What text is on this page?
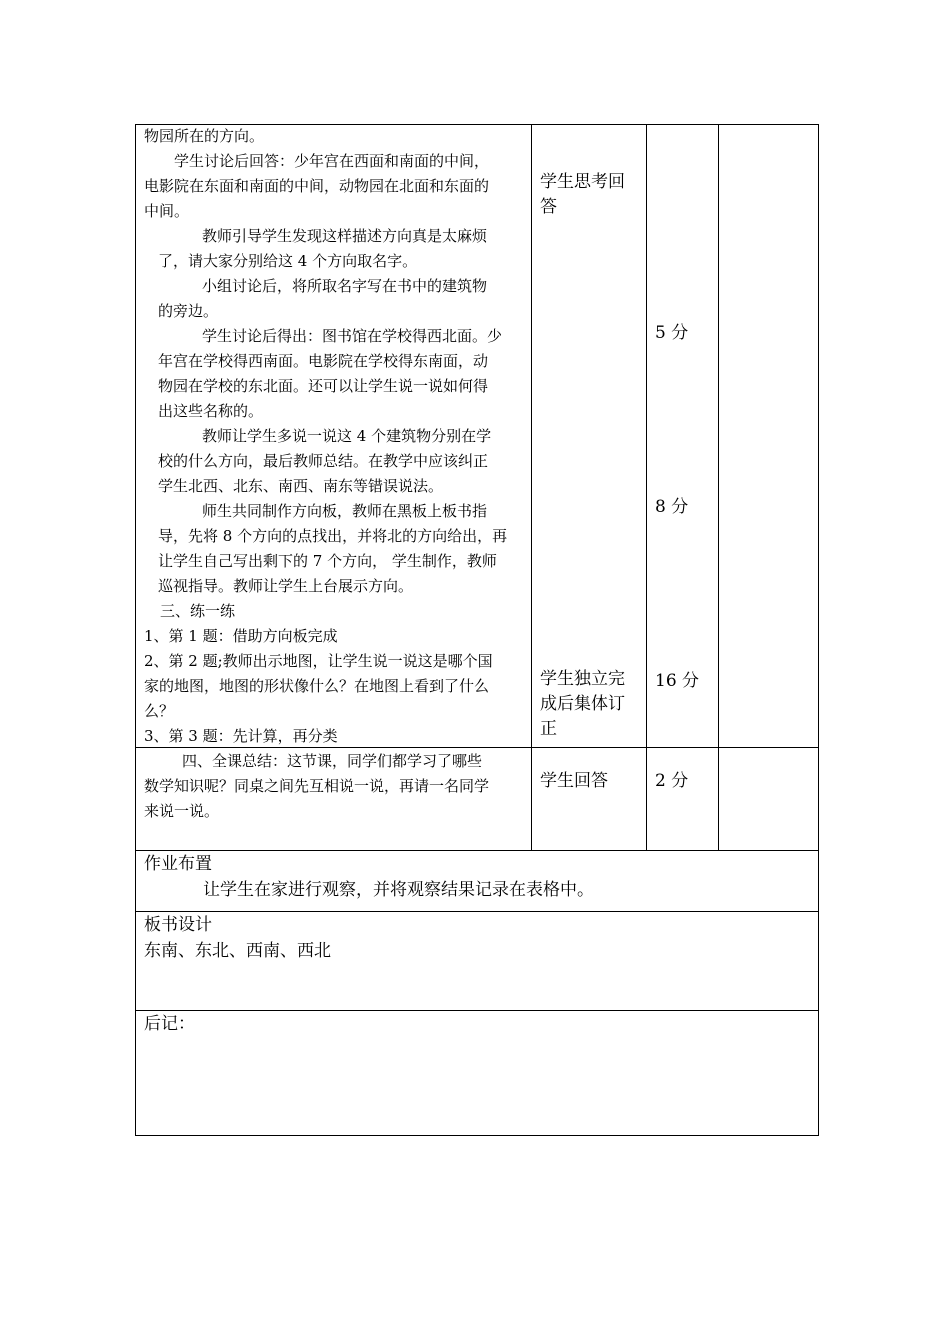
物园所在的方向。

学生讨论后回答：少年宫在西面和南面的中间，

电影院在东面和南面的中间，动物园在北面和东面的

中间。

教师引导学生发现这样描述方向真是太麻烦

了，请大家分别给这 4 个方向取名字。

小组讨论后，将所取名字写在书中的建筑物

的旁边。

学生讨论后得出：图书馆在学校得西北面。少

年宫在学校得西南面。电影院在学校得东南面，动

物园在学校的东北面。还可以让学生说一说如何得

出这些名称的。

教师让学生多说一说这 4 个建筑物分别在学

校的什么方向，最后教师总结。在教学中应该纠正

学生北西、北东、南西、南东等错误说法。

师生共同制作方向板，教师在黑板上板书指

导，先将 8 个方向的点找出，并将北的方向给出，再

让学生自己写出剩下的 7 个方向， 学生制作，教师

巡视指导。教师让学生上台展示方向。

三、练一练

1、第 1 题：借助方向板完成

2、第 2 题;教师出示地图，让学生说一说这是哪个国

家的地图，地图的形状像什么？在地图上看到了什么

么？

3、第 3 题：先计算，再分类

学生思考回

答

学生独立完

成后集体订

正

5 分
8 分
16 分

四、全课总结：这节课，同学们都学习了哪些

数学知识呢？同桌之间先互相说一说，再请一名同学

来说一说。

学生回答	2 分
作业布置
让学生在家进行观察，并将观察结果记录在表格中。
板书设计
东南、东北、西南、西北
后记：
